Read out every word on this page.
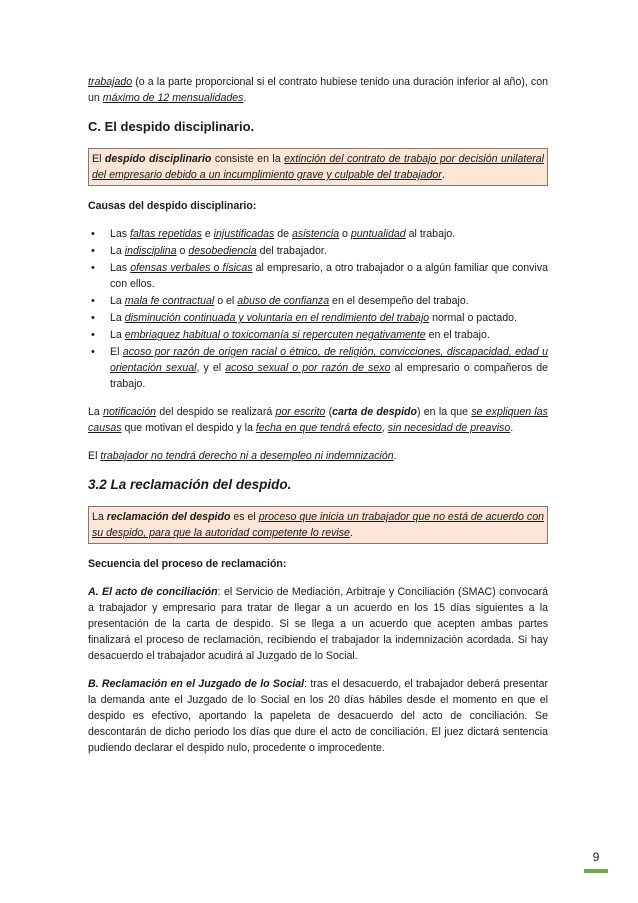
trabajado (o a la parte proporcional si el contrato hubiese tenido una duración inferior al año), con un máximo de 12 mensualidades.

C. El despido disciplinario.
El despido disciplinario consiste en la extinción del contrato de trabajo por decisión unilateral del empresario debido a un incumplimiento grave y culpable del trabajador.

Causas del despido disciplinario:

• Las faltas repetidas e injustificadas de asistencia o puntualidad al trabajo.
• La indisciplina o desobediencia del trabajador.
• Las ofensas verbales o físicas al empresario, a otro trabajador o a algún familiar que conviva con ellos.
• La mala fe contractual o el abuso de confianza en el desempeño del trabajo.
• La disminución continuada y voluntaria en el rendimiento del trabajo normal o pactado.
• La embriaguez habitual o toxicomanía si repercuten negativamente en el trabajo.
• El acoso por razón de origen racial o étnico, de religión, convicciones, discapacidad, edad u orientación sexual, y el acoso sexual o por razón de sexo al empresario o compañeros de trabajo.

La notificación del despido se realizará por escrito (carta de despido) en la que se expliquen las causas que motivan el despido y la fecha en que tendrá efecto, sin necesidad de preaviso.

El trabajador no tendrá derecho ni a desempleo ni indemnización.

3.2 La reclamación del despido.
La reclamación del despido es el proceso que inicia un trabajador que no está de acuerdo con su despido, para que la autoridad competente lo revise.

Secuencia del proceso de reclamación:

A. El acto de conciliación: el Servicio de Mediación, Arbitraje y Conciliación (SMAC) convocará a trabajador y empresario para tratar de llegar a un acuerdo en los 15 días siguientes a la presentación de la carta de despido. Si se llega a un acuerdo que acepten ambas partes finalizará el proceso de reclamación, recibiendo el trabajador la indemnización acordada. Si hay desacuerdo el trabajador acudirá al Juzgado de lo Social.

B. Reclamación en el Juzgado de lo Social: tras el desacuerdo, el trabajador deberá presentar la demanda ante el Juzgado de lo Social en los 20 días hábiles desde el momento en que el despido es efectivo, aportando la papeleta de desacuerdo del acto de conciliación. Se descontarán de dicho periodo los días que dure el acto de conciliación. El juez dictará sentencia pudiendo declarar el despido nulo, procedente o improcedente.

9
